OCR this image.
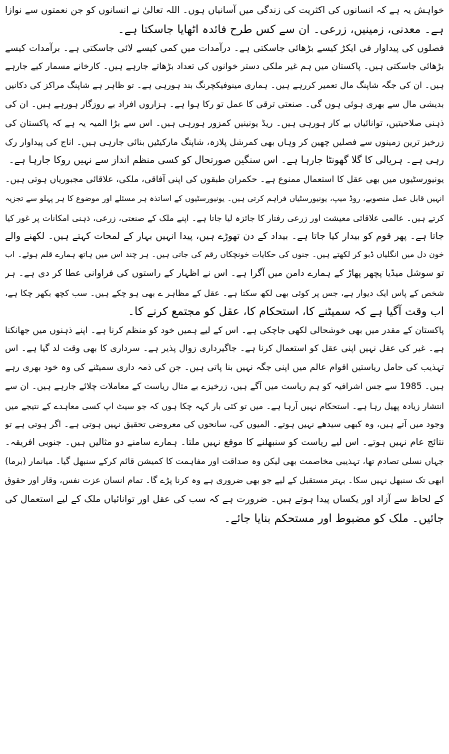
خواہش یہ ہے کہ انسانوں کی اکثریت کی زندگی میں آسانیاں ہوں۔ اللہ تعالیٰ نے انسانوں کو جن نعمتوں سے نوازا
ہے۔ معدنی، زمینیں، زرعی۔ ان سے کس طرح فائدہ اٹھایا جاسکتا ہے۔
فصلوں کی پیداوار فی ایکڑ کیسے بڑھائی جاسکتی ہے۔ درآمدات میں کمی کیسے لائی جاسکتی ہے۔ برآمدات کیسے
بڑھائی جاسکتی ہیں۔ پاکستان میں ہم غیر ملکی دستر خوانوں کی تعداد بڑھاتے جارہے ہیں۔ کارخانے مسمار کیے جارہے
ہیں۔ ان کی جگہ شاپنگ مال تعمیر کررہے ہیں۔ ہماری مینوفیکچرنگ بند ہورہی ہے۔ تو ظاہر ہے شاپنگ مراکز کی دکانیں
بدیشی مال سے بھری ہوئی ہوں گی۔ صنعتی ترقی کا عمل تو رکا ہوا ہے۔ ہزاروں افراد بے روزگار ہورہے ہیں۔ ان کی
ذہنی صلاحیتیں، توانائیاں بے کار ہورہی ہیں۔ ریڈ یونینیں کمزور ہورہی ہیں۔ اس سے بڑا المیہ یہ ہے کہ پاکستان کی
زرخیز ترین زمینوں سے فصلیں چھین کر وہاں بھی کمرشل پلازہ، شاپنگ مارکیٹیں بنائی جارہی ہیں۔ اناج کی پیداوار رک
رہی ہے۔ ہریالی کا گلا گھونٹا جارہا ہے۔ اس سنگین صورتحال کو کسی منظم انداز سے نہیں روکا جارہا ہے۔
یونیورسٹیوں میں بھی عقل کا استعمال ممنوع ہے۔ حکمران طبقوں کی اپنی آفاقی، ملکی، علاقائی مجبوریاں ہوتی ہیں۔
انہیں قابل عمل منصوبے، روڈ میپ، یونیورسٹیاں فراہم کرتی ہیں۔ یونیورسٹیوں کے اساتذہ ہر مسئلے اور موضوع کا ہر پہلو سے تجزیہ
کرتے ہیں۔ عالمی علاقائی معیشت اور زرعی رفتار کا جائزہ لیا جاتا ہے۔ اپنے ملک کے صنعتی، زرعی، ذہنی امکانات پر غور کیا
جاتا ہے۔ پھر قوم کو بیدار کیا جاتا ہے۔ بیداد کے دن تھوڑے ہیں، پیدا انہیں بہار کے لمحات کہتے ہیں۔ لکھنے والے
خون دل میں انگلیاں ڈبو کر لکھتے ہیں۔ جنوں کی حکایات خونچکاں رقم کی جاتی ہیں۔ ہر چند اس میں ہاتھ ہمارے قلم ہوئے۔ اب
تو سوشل میڈیا پچھر پھاڑ کے ہمارے دامن میں آگرا ہے۔ اس نے اظہار کے راستوں کی فراوانی عطا کر دی ہے۔ ہر
شخص کے پاس ایک دیوار ہے، جس پر کوئی بھی لکھ سکتا ہے۔ عقل کے مظاہر ے بھی ہو چکے ہیں۔ سب کچھ بکھر چکا ہے،
اب وقت آگیا ہے کہ سمیٹنے کا، استحکام کا، عقل کو مجتمع کرنے کا۔
پاکستان کے مقدر میں بھی خوشحالی لکھی جاچکی ہے۔ اس کے لیے ہمیں خود کو منظم کرنا ہے۔ اپنے ذہنوں میں جھانکنا
ہے۔ غیر کی عقل نہیں اپنی عقل کو استعمال کرنا ہے۔ جاگیرداری زوال پذیر ہے۔ سرداری کا بھی وقت لد گیا ہے۔ اس
تہذیب کی حامل ریاستیں اقوام عالم میں اپنی جگہ نہیں بنا پاتی ہیں۔ جن کی ذمہ داری سمیٹنے کی وہ خود بھری رہے
ہیں۔ 1985 سے جس اشرافیہ کو ہم ریاست میں آگے ہیں، زرخیزے بے مثال ریاست کے معاملات چلائے جارہے ہیں۔ ان سے
انتشار زیادہ پھیل رہا ہے۔ استحکام نہیں آرہا ہے۔ میں تو کئی بار کہہ چکا ہوں کہ جو سیٹ اپ کسی معاہدے کے نتیجے میں
وجود میں آتے ہیں، وہ کبھی سیدھے نہیں ہوتے۔ المیوں کی، سانحوں کی معروضی تحقیق نہیں ہوتی ہے۔ اگر ہوتی ہے تو
نتائج عام نہیں ہوتے۔ اس لیے ریاست کو سنبھلنے کا موقع نہیں ملتا۔ ہمارے سامنے دو مثالیں ہیں۔ جنوبی افریقہ۔
جہاں نسلی تصادم تھا، تہذیبی مخاصمت بھی لیکن وہ صداقت اور مفاہمت کا کمیشن قائم کرکے سنبھل گیا۔ میانمار (برما)
ابھی تک سنبھل نہیں سکا۔ بہتر مستقبل کے لیے جو بھی ضروری ہے وہ کرنا پڑے گا۔ تمام انسان عزت نفس، وقار اور حقوق
کے لحاظ سے آزاد اور یکساں پیدا ہوتے ہیں۔ ضرورت ہے کہ سب کی عقل اور توانائیاں ملک کے لیے استعمال کی
جائیں۔ ملک کو مضبوط اور مستحکم بنایا جائے۔
